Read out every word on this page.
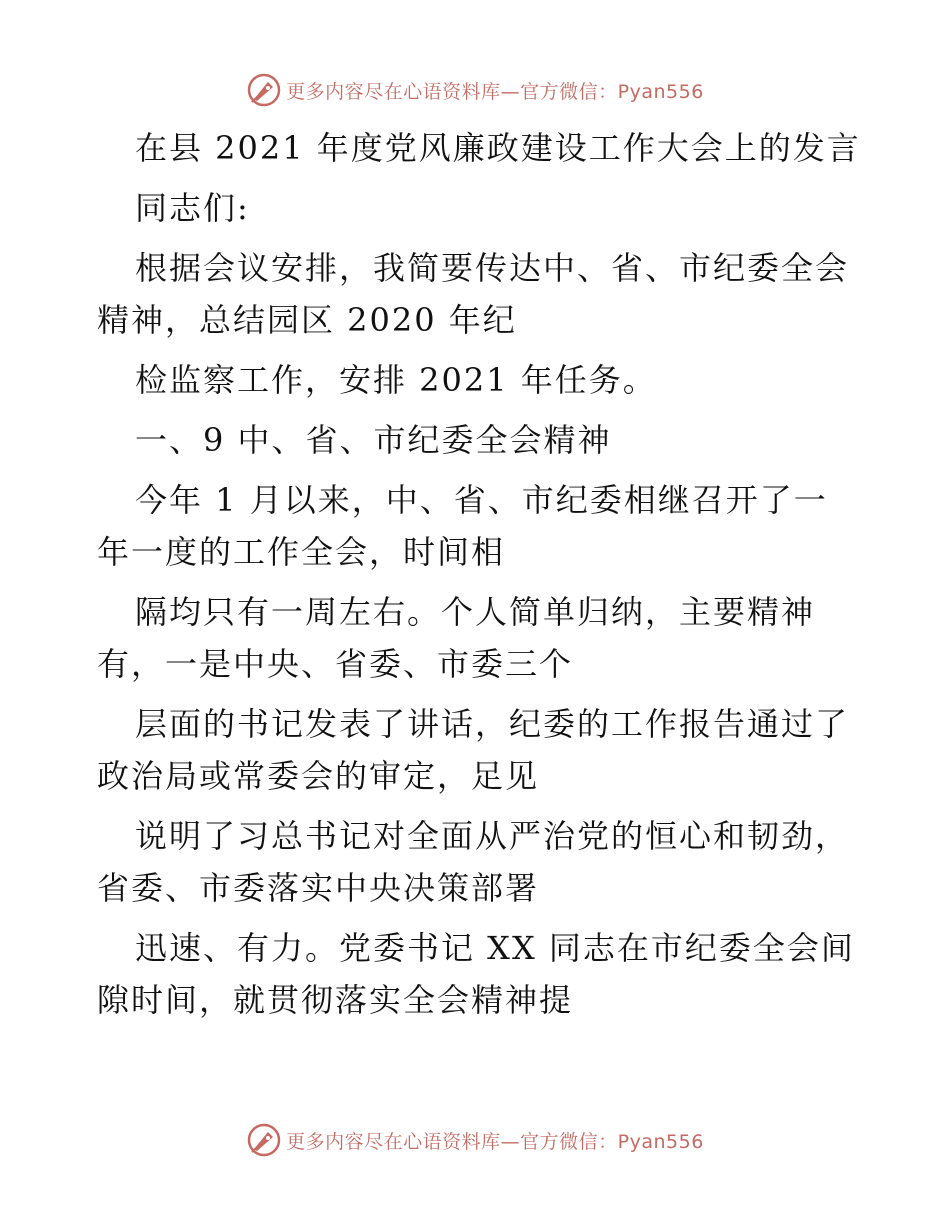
更多内容尽在心语资料库—官方微信：Pyan556
在县 2021 年度党风廉政建设工作大会上的发言
同志们:
根据会议安排，我简要传达中、省、市纪委全会
精神，总结园区 2020 年纪
检监察工作，安排 2021 年任务。
一、9 中、省、市纪委全会精神
今年 1 月以来，中、省、市纪委相继召开了一
年一度的工作全会，时间相
隔均只有一周左右。个人简单归纳，主要精神
有，一是中央、省委、市委三个
层面的书记发表了讲话，纪委的工作报告通过了
政治局或常委会的审定，足见
说明了习总书记对全面从严治党的恒心和韧劲，
省委、市委落实中央决策部署
迅速、有力。党委书记 XX 同志在市纪委全会间
隙时间，就贯彻落实全会精神提
更多内容尽在心语资料库—官方微信：Pyan556
